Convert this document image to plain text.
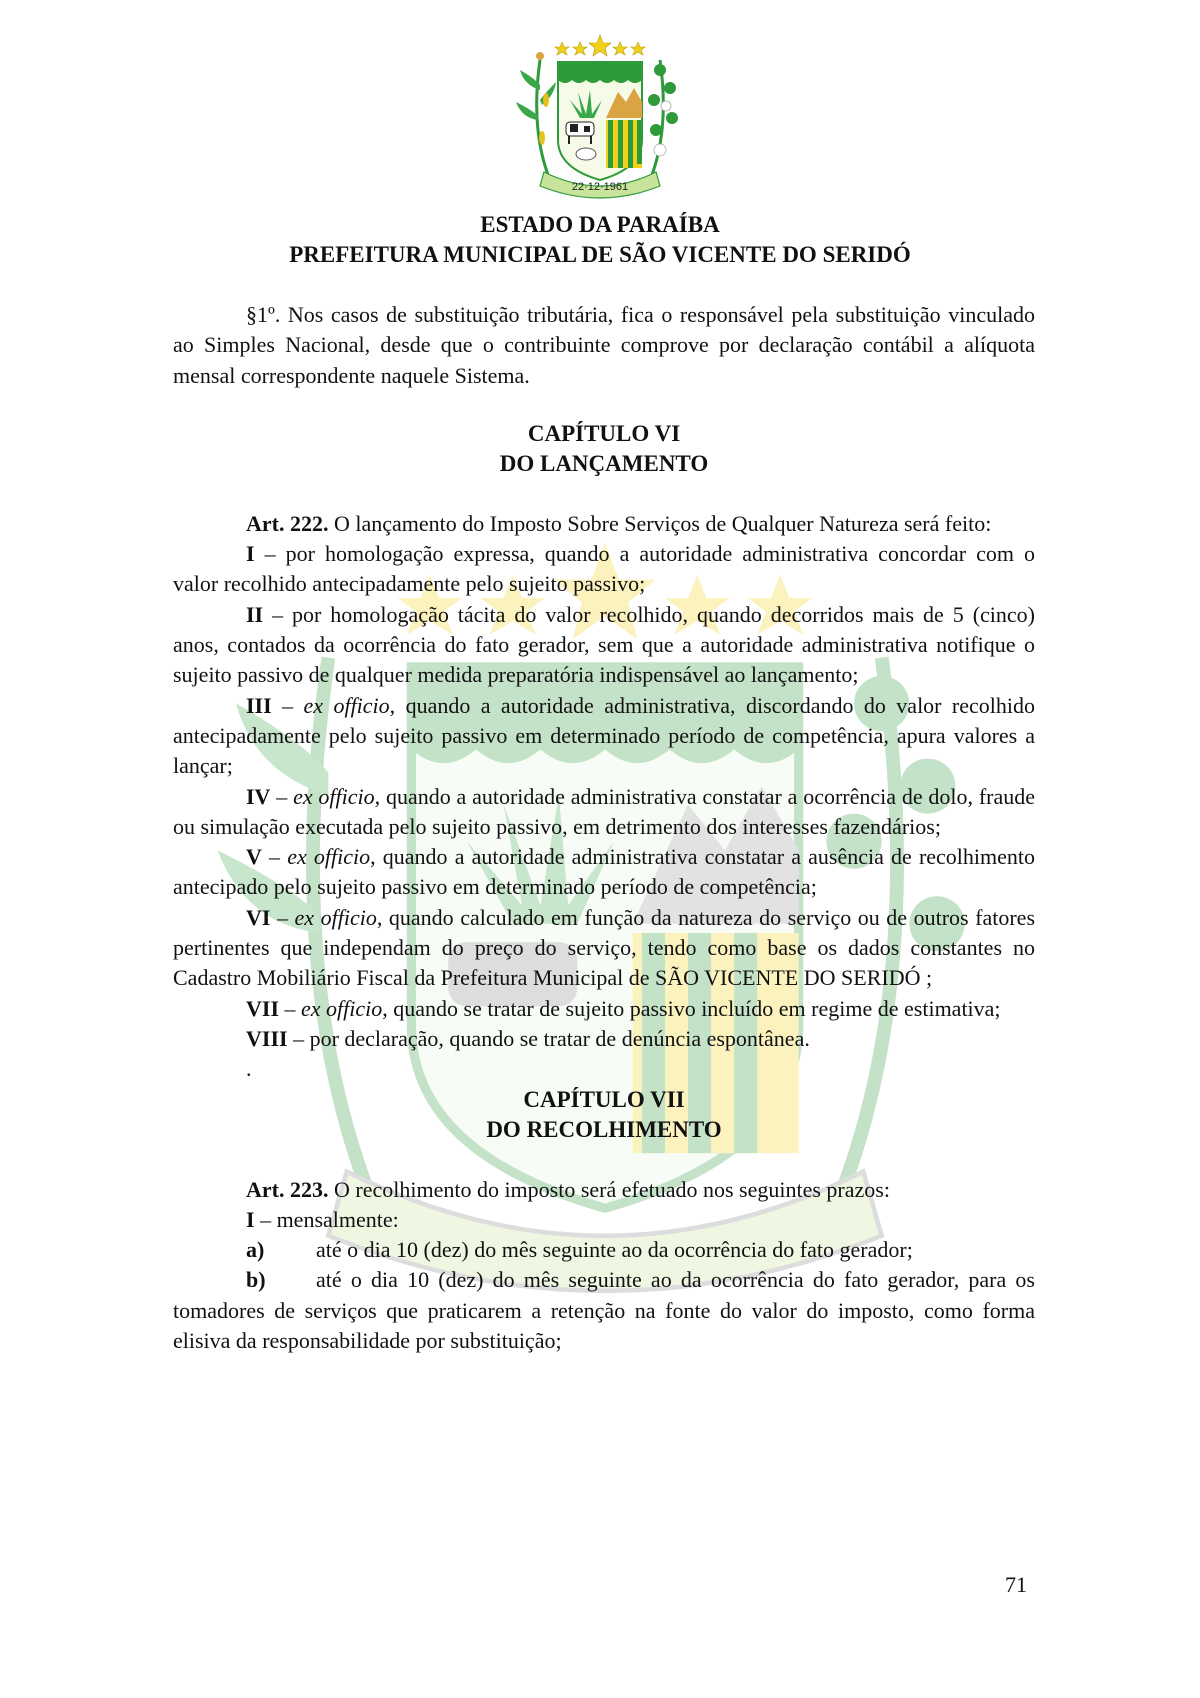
22·12·1961
ESTADO DA PARAÍBA
PREFEITURA MUNICIPAL DE SÃO VICENTE DO SERIDÓ

§1º. Nos casos de substituição tributária, fica o responsável pela substituição vinculado ao Simples Nacional, desde que o contribuinte comprove por declaração contábil a alíquota mensal correspondente naquele Sistema.

CAPÍTULO VI

DO LANÇAMENTO

Art. 222. O lançamento do Imposto Sobre Serviços de Qualquer Natureza será feito:

I – por homologação expressa, quando a autoridade administrativa concordar com o valor recolhido antecipadamente pelo sujeito passivo;

II – por homologação tácita do valor recolhido, quando decorridos mais de 5 (cinco) anos, contados da ocorrência do fato gerador, sem que a autoridade administrativa notifique o sujeito passivo de qualquer medida preparatória indispensável ao lançamento;

III – ex officio, quando a autoridade administrativa, discordando do valor recolhido antecipadamente pelo sujeito passivo em determinado período de competência, apura valores a lançar;

IV – ex officio, quando a autoridade administrativa constatar a ocorrência de dolo, fraude ou simulação executada pelo sujeito passivo, em detrimento dos interesses fazendários;

V – ex officio, quando a autoridade administrativa constatar a ausência de recolhimento antecipado pelo sujeito passivo em determinado período de competência;

VI – ex officio, quando calculado em função da natureza do serviço ou de outros fatores pertinentes que independam do preço do serviço, tendo como base os dados constantes no Cadastro Mobiliário Fiscal da Prefeitura Municipal de SÃO VICENTE DO SERIDÓ ;

VII – ex officio, quando se tratar de sujeito passivo incluído em regime de estimativa;

VIII – por declaração, quando se tratar de denúncia espontânea.

.

CAPÍTULO VII

DO RECOLHIMENTO

Art. 223. O recolhimento do imposto será efetuado nos seguintes prazos:

I – mensalmente:

a) até o dia 10 (dez) do mês seguinte ao da ocorrência do fato gerador;

b) até o dia 10 (dez) do mês seguinte ao da ocorrência do fato gerador, para os tomadores de serviços que praticarem a retenção na fonte do valor do imposto, como forma elisiva da responsabilidade por substituição;

71
